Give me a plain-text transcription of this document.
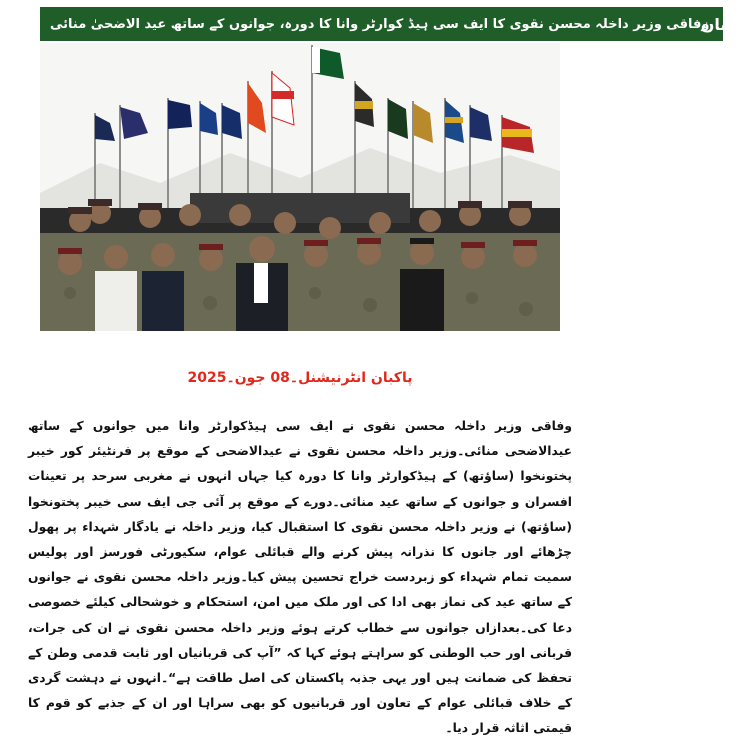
وفاقی وزیر داخلہ محسن نقوی کا ایف سی ہیڈ کوارٹر وانا کا دورہ، جوانوں کے ساتھ عید الاضحیٰ منائی
پاکبان
پاکبان انٹرنیشنل۔08 جون۔2025
وفاقی وزیر داخلہ محسن نقوی نے ایف سی ہیڈکوارٹر وانا میں جوانوں کے ساتھ عیدالاضحی منائی۔وزیر داخلہ محسن نقوی نے عیدالاضحی کے موقع پر فرنٹیئر کور خیبر پختونخوا (ساؤتھ) کے ہیڈکوارٹر وانا کا دورہ کیا جہاں انہوں نے مغربی سرحد پر تعینات افسران و جوانوں کے ساتھ عید منائی۔دورے کے موقع پر آئی جی ایف سی خیبر پختونخوا (ساؤتھ) نے وزیر داخلہ محسن نقوی کا استقبال کیا، وزیر داخلہ نے یادگار شہداء پر پھول چڑھائے اور جانوں کا نذرانہ پیش کرنے والے قبائلی عوام، سکیورٹی فورسز اور پولیس سمیت تمام شہداء کو زبردست خراج تحسین پیش کیا۔وزیر داخلہ محسن نقوی نے جوانوں کے ساتھ عید کی نماز بھی ادا کی اور ملک میں امن، استحکام و خوشحالی کیلئے خصوصی دعا کی۔بعدازاں جوانوں سے خطاب کرتے ہوئے وزیر داخلہ محسن نقوی نے ان کی جرات، قربانی اور حب الوطنی کو سراہتے ہوئے کہا کہ ”آپ کی قربانیاں اور ثابت قدمی وطن کے تحفظ کی ضمانت ہیں اور یہی جذبہ پاکستان کی اصل طاقت ہے“۔انہوں نے دہشت گردی کے خلاف قبائلی عوام کے تعاون اور قربانیوں کو بھی سراہا اور ان کے جذبے کو قوم کا قیمتی اثاثہ قرار دیا۔
